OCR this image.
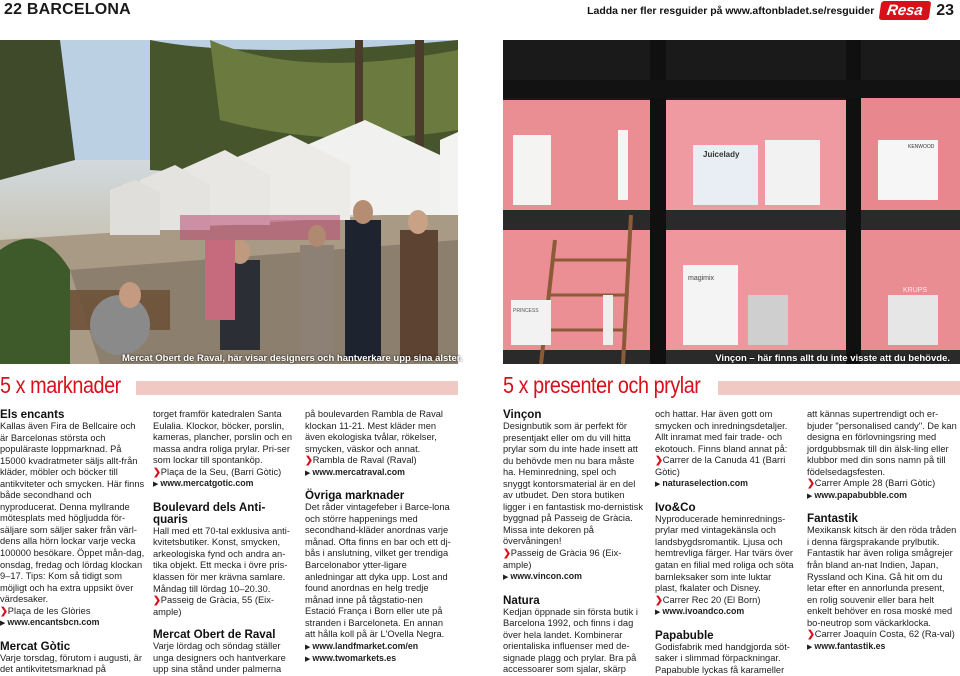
22 BARCELONA	Ladda ner fler resguider på www.aftonbladet.se/resguider Resa 23
Mercat Obert de Raval, här visar designers och hantverkare upp sina alster.
Juicelady
KENWOOD
magimix
KRUPS
PRINCESS
Vinçon – här finns allt du inte visste att du behövde.
5 x marknader	5 x presenter och prylar
Els encants

Kallas även Fira de Bellcaire och är Barcelonas största och populäraste loppmarknad. På 15000 kvadratmeter säljs allt-från kläder, möbler och böcker till antikviteter och smycken. Här finns både secondhand och nyproducerat. Denna myllrande mötesplats med högljudda för-säljare som säljer saker från värl-dens alla hörn lockar varje vecka 100000 besökare. Öppet mån-dag, onsdag, fredag och lördag klockan 9–17. Tips: Kom så tidigt som möjligt och ha extra uppsikt över värdesaker.

❯Plaça de les Glòries

▶ www.encantsbcn.com
Mercat Gòtic

Varje torsdag, förutom i augusti, är det antikvitetsmarknad på

torget framför katedralen Santa Eulalia. Klockor, böcker, porslin, kameras, plancher, porslin och en massa andra roliga prylar. Pri-ser som lockar till spontanköp.

❯Plaça de la Seu, (Barri Gòtic)

▶ www.mercatgotic.com
Boulevard dels Anti-quaris

Hall med ett 70-tal exklusiva anti-kvitetsbutiker. Konst, smycken, arkeologiska fynd och andra an-tika objekt. Ett mecka i övre pris-klassen för mer krävna samlare. Måndag till lördag 10–20.30.

❯Passeig de Gràcia, 55 (Eix-ample)

Mercat Obert de Raval

Varje lördag och söndag ställer unga designers och hantverkare upp sina stånd under palmerna

på boulevarden Rambla de Raval klockan 11-21. Mest kläder men även ekologiska tvålar, rökelser, smycken, väskor och annat.

❯Rambla de Raval (Raval)

▶ www.mercatraval.com
Övriga marknader

Det råder vintagefeber i Barce-lona och större happenings med secondhand-kläder anordnas varje månad. Ofta finns en bar och ett dj-bås i anslutning, vilket ger trendiga Barcelonabor ytter-ligare anledningar att dyka upp. Lost and found anordnas en helg tredje månad inne på tågstatio-nen Estació França i Born eller ute på stranden i Barceloneta. En annan att hålla koll på är L'Ovella Negra.

▶ www.landfmarket.com/en
▶ www.twomarkets.es
Vinçon

Designbutik som är perfekt för presentjakt eller om du vill hitta prylar som du inte hade insett att du behövde men nu bara måste ha. Heminredning, spel och snyggt kontorsmaterial är en del av utbudet. Den stora butiken ligger i en fantastisk mo-dernistisk byggnad på Passeig de Gràcia. Missa inte dekoren på övervåningen!

❯Passeig de Gràcia 96 (Eix-ample)

▶ www.vincon.com
Natura

Kedjan öppnade sin första butik i Barcelona 1992, och finns i dag över hela landet. Kombinerar orientaliska influenser med de-signade plagg och prylar. Bra på accessoarer som sjalar, skärp

och hattar. Har även gott om smycken och inredningsdetaljer. Allt inramat med fair trade- och ekotouch. Finns bland annat på:

❯Carrer de la Canuda 41 (Barri Gòtic)

▶ naturaselection.com
Ivo&Co

Nyproducerade heminrednings-prylar med vintagekänsla och landsbygdsromantik. Ljusa och hemtrevliga färger. Har tvärs över gatan en filial med roliga och söta barnleksaker som inte luktar plast, fkalater och Disney.

❯Carrer Rec 20 (El Born)

▶ www.ivoandco.com
Papabuble

Godisfabrik med handgjorda söt-saker i slimmad förpackningar. Papabuble lyckas få karameller

att kännas supertrendigt och er-bjuder "personalised candy". De kan designa en förlovningsring med jordgubbsmak till din älsk-ling eller klubbor med din sons namn på till födelsedagsfesten.

❯Carrer Ample 28 (Barri Gòtic)

▶ www.papabubble.com
Fantastik

Mexikansk kitsch är den röda tråden i denna färgsprakande prylbutik. Fantastik har även roliga smågrejer från bland an-nat Indien, Japan, Ryssland och Kina. Gå hit om du letar efter en annorlunda present, en rolig souvenir eller bara helt enkelt behöver en rosa moské med bo-neutrop som väckarklocka.

❯Carrer Joaquín Costa, 62 (Ra-val)

▶ www.fantastik.es
